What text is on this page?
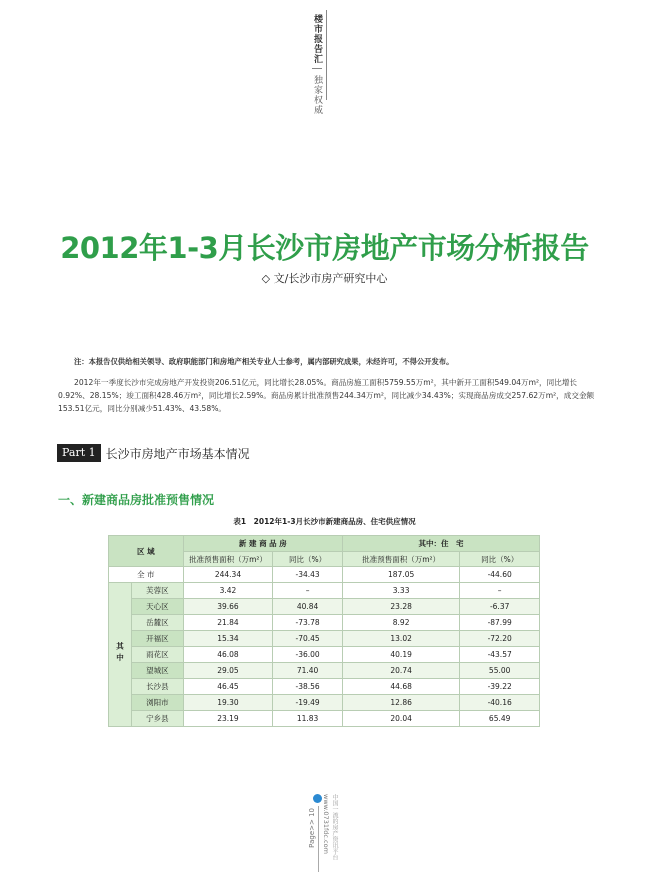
楼市报告汇
独家权威
2012年1-3月长沙市房地产市场分析报告
◇ 文/长沙市房产研究中心
注：本报告仅供给相关领导、政府职能部门和房地产相关专业人士参考，属内部研究成果，未经许可，不得公开发布。
2012年一季度长沙市完成房地产开发投资206.51亿元，同比增长28.05%。商品房施工面积5759.55万m²，其中新开工面积549.04万m²，同比增长0.92%、28.15%；竣工面积428.46万m²，同比增长2.59%。商品房累计批准预售244.34万m²，同比减少34.43%；实现商品房成交257.62万m²，成交金额153.51亿元，同比分别减少51.43%、43.58%。
Part 1 长沙市房地产市场基本情况
一、新建商品房批准预售情况
表1　2012年1-3月长沙市新建商品房、住宅供应情况
区 域		新 建 商 品 房		其中：住　宅	
		批准预售面积（万m²）	同比（%）	批准预售面积（万m²）	同比（%）
全 市		244.34	-34.43	187.05	-44.60
其中	芙蓉区	3.42	–	3.33	–
	天心区	39.66	40.84	23.28	-6.37
	岳麓区	21.84	-73.78	8.92	-87.99
	开福区	15.34	-70.45	13.02	-72.20
	雨花区	46.08	-36.00	40.19	-43.57
	望城区	29.05	71.40	20.74	55.00
	长沙县	46.45	-38.56	44.68	-39.22
	浏阳市	19.30	-19.49	12.86	-40.16
	宁乡县	23.19	11.83	20.04	65.49
Page>> 10 www.0731fdc.com 中国一流的房产资讯平台
